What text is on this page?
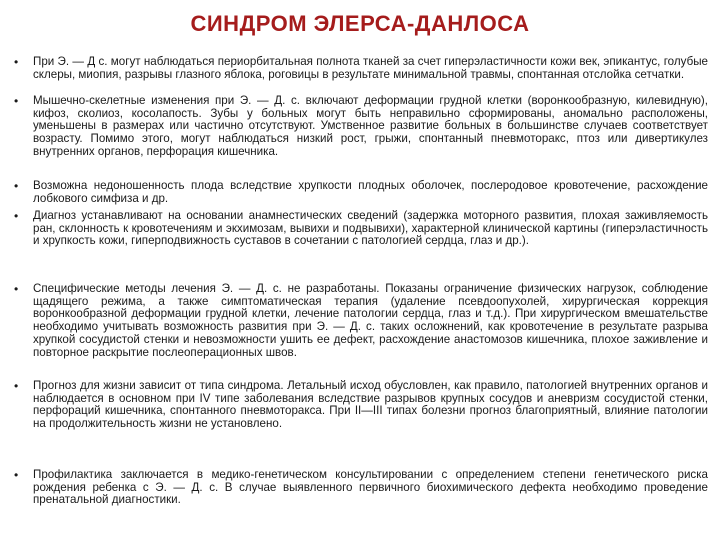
СИНДРОМ ЭЛЕРСА-ДАНЛОСА
• При Э. — Д с. могут наблюдаться периорбитальная полнота тканей за счет гиперэластичности кожи век, эпикантус, голубые склеры, миопия, разрывы глазного яблока, роговицы в результате минимальной травмы, спонтанная отслойка сетчатки.
• Мышечно-скелетные изменения при Э. — Д. с. включают деформации грудной клетки (воронкообразную, килевидную), кифоз, сколиоз, косолапость. Зубы у больных могут быть неправильно сформированы, аномально расположены, уменьшены в размерах или частично отсутствуют. Умственное развитие больных в большинстве случаев соответствует возрасту. Помимо этого, могут наблюдаться низкий рост, грыжи, спонтанный пневмоторакс, птоз или дивертикулез внутренних органов, перфорация кишечника.
• Возможна недоношенность плода вследствие хрупкости плодных оболочек, послеродовое кровотечение, расхождение лобкового симфиза и др.
• Диагноз устанавливают на основании анамнестических сведений (задержка моторного развития, плохая заживляемость ран, склонность к кровотечениям и экхимозам, вывихи и подвывихи), характерной клинической картины (гиперэластичность и хрупкость кожи, гиперподвижность суставов в сочетании с патологией сердца, глаз и др.).
• Специфические методы лечения Э. — Д. с. не разработаны. Показаны ограничение физических нагрузок, соблюдение щадящего режима, а также симптоматическая терапия (удаление псевдоопухолей, хирургическая коррекция воронкообразной деформации грудной клетки, лечение патологии сердца, глаз и т.д.). При хирургическом вмешательстве необходимо учитывать возможность развития при Э. — Д. с. таких осложнений, как кровотечение в результате разрыва хрупкой сосудистой стенки и невозможности ушить ее дефект, расхождение анастомозов кишечника, плохое заживление и повторное раскрытие послеоперационных швов.
• Прогноз для жизни зависит от типа синдрома. Летальный исход обусловлен, как правило, патологией внутренних органов и наблюдается в основном при IV типе заболевания вследствие разрывов крупных сосудов и аневризм сосудистой стенки, перфораций кишечника, спонтанного пневмоторакса. При II—III типах болезни прогноз благоприятный, влияние патологии на продолжительность жизни не установлено.
• Профилактика заключается в медико-генетическом консультировании с определением степени генетического риска рождения ребенка с Э. — Д. с. В случае выявленного первичного биохимического дефекта необходимо проведение пренатальной диагностики.
